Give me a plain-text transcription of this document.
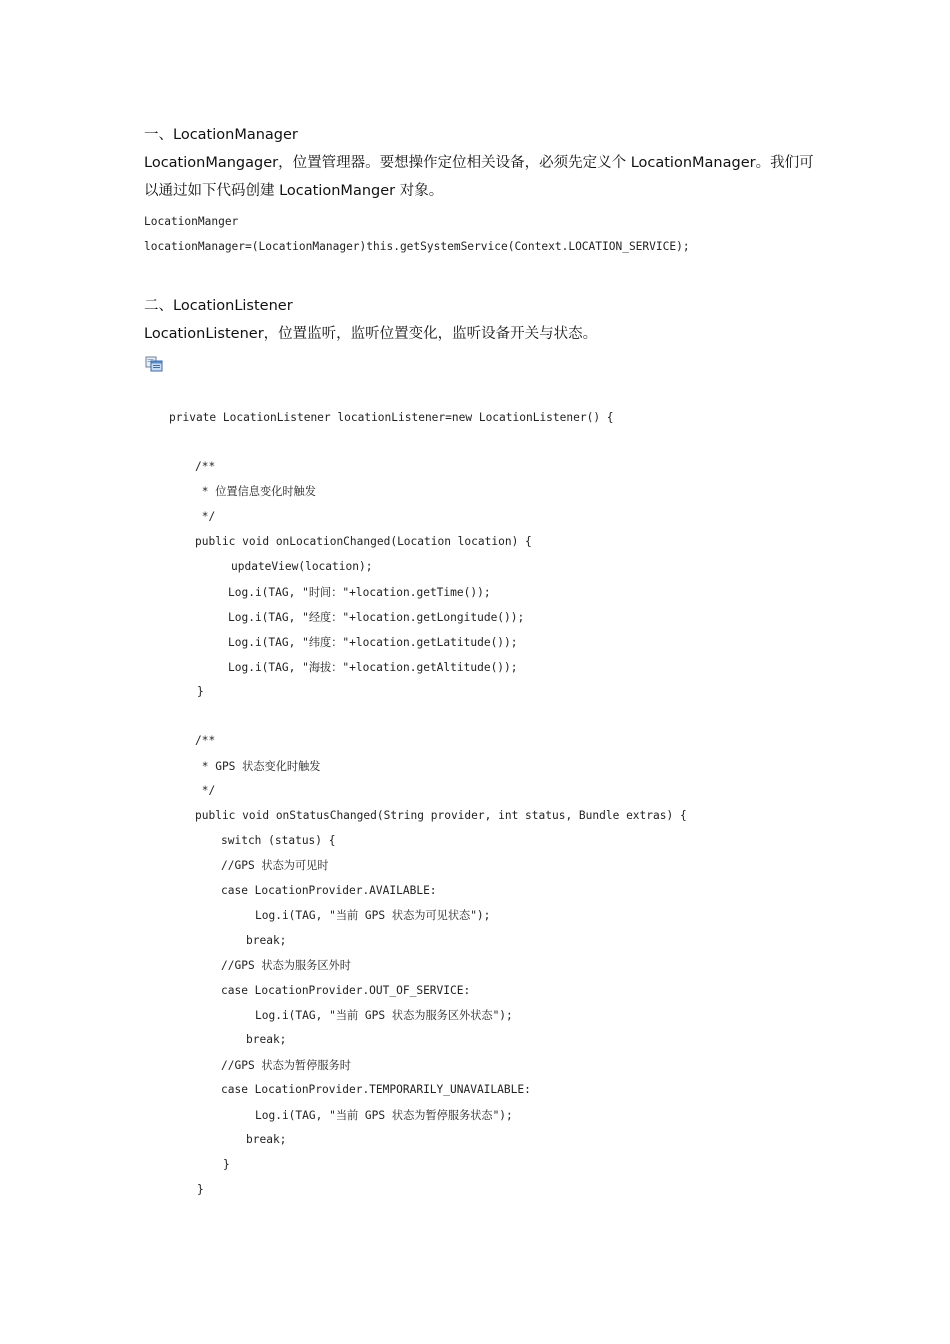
一、LocationManager
LocationMangager，位置管理器。要想操作定位相关设备，必须先定义个 LocationManager。我们可
以通过如下代码创建 LocationManger 对象。
LocationManger
locationManager=(LocationManager)this.getSystemService(Context.LOCATION_SERVICE);
二、LocationListener
LocationListener，位置监听，监听位置变化，监听设备开关与状态。
private LocationListener locationListener=new LocationListener() {
/**
* 位置信息变化时触发
*/
public void onLocationChanged(Location location) {
updateView(location);
Log.i(TAG, "时间："+location.getTime());
Log.i(TAG, "经度："+location.getLongitude());
Log.i(TAG, "纬度："+location.getLatitude());
Log.i(TAG, "海拔："+location.getAltitude());
}
/**
* GPS 状态变化时触发
*/
public void onStatusChanged(String provider, int status, Bundle extras) {
switch (status) {
//GPS 状态为可见时
case LocationProvider.AVAILABLE:
Log.i(TAG, "当前 GPS 状态为可见状态");
break;
//GPS 状态为服务区外时
case LocationProvider.OUT_OF_SERVICE:
Log.i(TAG, "当前 GPS 状态为服务区外状态");
break;
//GPS 状态为暂停服务时
case LocationProvider.TEMPORARILY_UNAVAILABLE:
Log.i(TAG, "当前 GPS 状态为暂停服务状态");
break;
}
}
